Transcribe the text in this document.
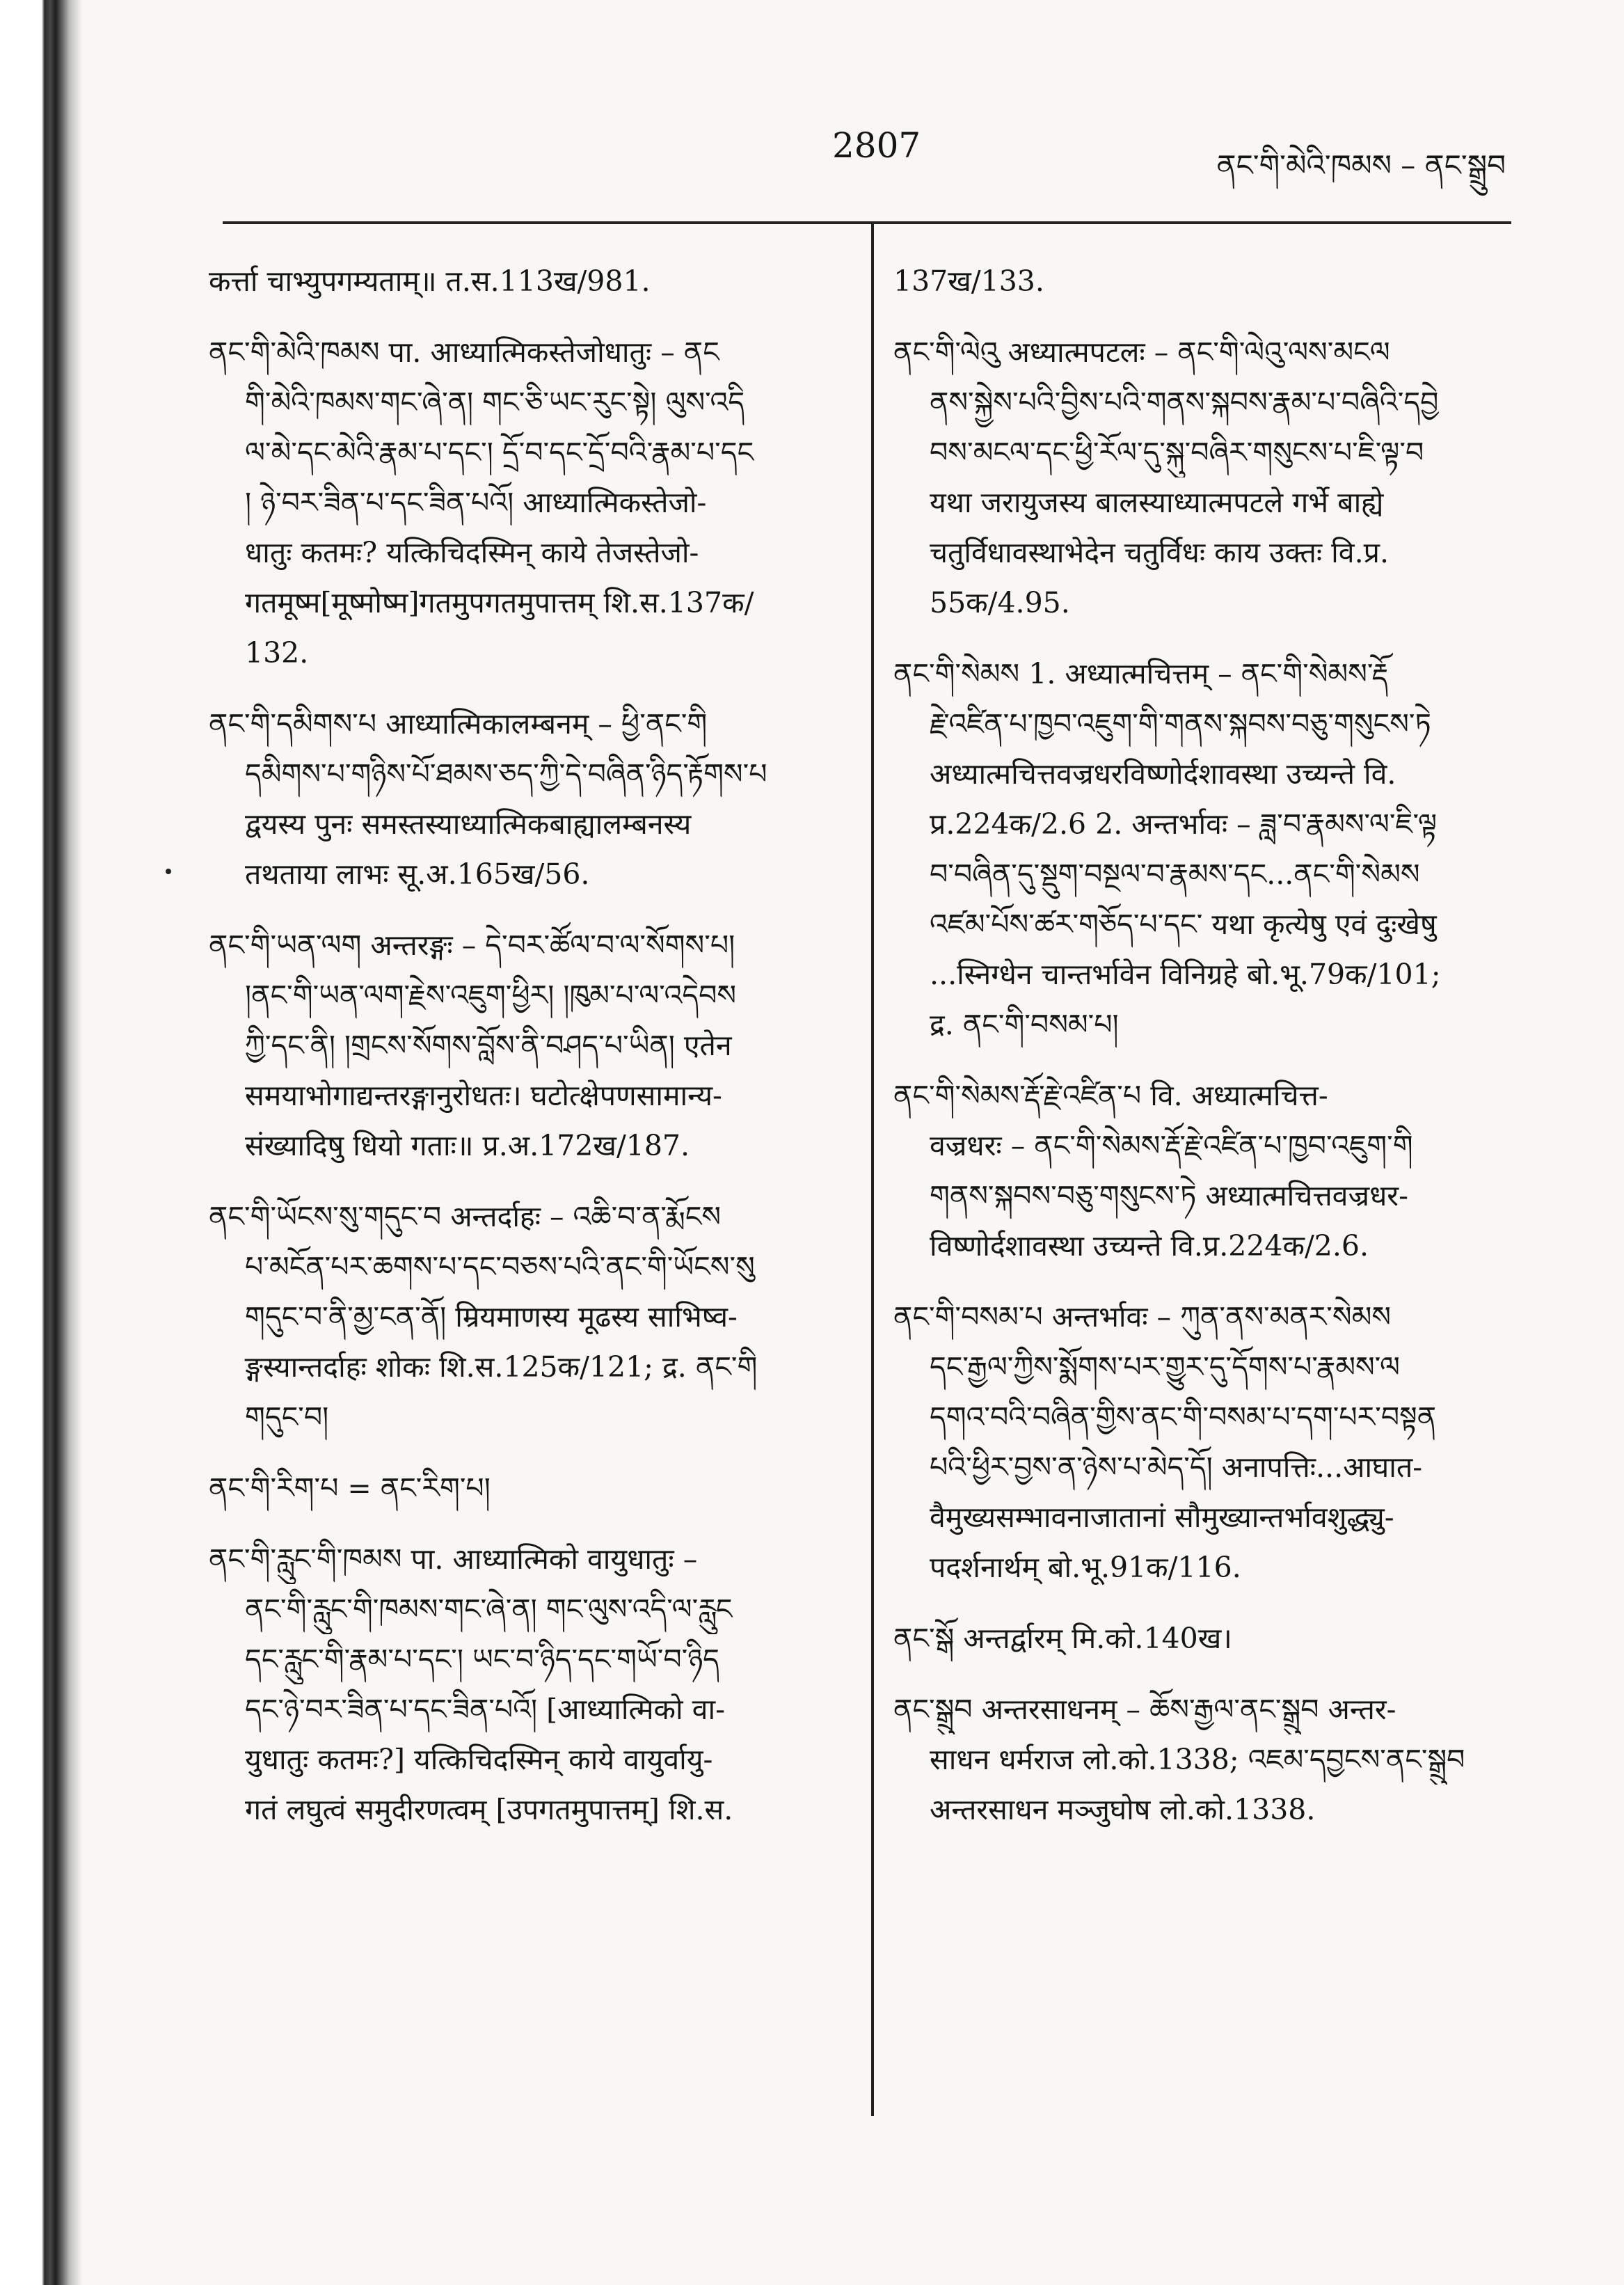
2807	ནང་གི་མེའི་ཁམས – ནང་སྒྲུབ
कर्त्ता चाभ्युपगम्यताम्॥ त.स.113ख/981.
ནང་གི་མེའི་ཁམས पा. आध्यात्मिकस्तेजोधातुः – ནང
གི་མེའི་ཁམས་གང་ཞེ་ན། གང་ཅི་ཡང་རུང་སྟེ། ལུས་འདི
ལ་མེ་དང་མེའི་རྣམ་པ་དང་། དྲོ་བ་དང་དྲོ་བའི་རྣམ་པ་དང
། ཉེ་བར་ཟིན་པ་དང་ཟིན་པའོ། आध्यात्मिकस्तेजो-
धातुः कतमः? यत्किचिदस्मिन् काये तेजस्तेजो-
गतमूष्म[मूष्मोष्म]गतमुपगतमुपात्तम् शि.स.137क/
132.
ནང་གི་དམིགས་པ आध्यात्मिकालम्बनम् – ཕྱི་ནང་གི
དམིགས་པ་གཉིས་པོ་ཐམས་ཅད་ཀྱི་དེ་བཞིན་ཉིད་རྟོགས་པ
द्वयस्य पुनः समस्तस्याध्यात्मिकबाह्यालम्बनस्य
तथताया लाभः सू.अ.165ख/56.
ནང་གི་ཡན་ལག अन्तरङ्गः – དེ་བར་ཚོལ་བ་ལ་སོགས་པ།
།ནང་གི་ཡན་ལག་རྗེས་འཇུག་ཕྱིར། །ཁུམ་པ་ལ་འདེབས
ཀྱི་དང་ནི། །གྲངས་སོགས་བློས་ནི་བཤད་པ་ཡིན། एतेन
समयाभोगाद्यन्तरङ्गानुरोधतः। घटोत्क्षेपणसामान्य-
संख्यादिषु धियो गताः॥ प्र.अ.172ख/187.
ནང་གི་ཡོངས་སུ་གདུང་བ अन्तर्दाहः – འཆི་བ་ན་རྨོངས
པ་མངོན་པར་ཆགས་པ་དང་བཅས་པའི་ནང་གི་ཡོངས་སུ
གདུང་བ་ནི་མྱ་ངན་ནོ། म्रियमाणस्य मूढस्य साभिष्व-
ङ्गस्यान्तर्दाहः शोकः शि.स.125क/121; द्र. ནང་གི
གདུང་བ།
ནང་གི་རིག་པ = ནང་རིག་པ།
ནང་གི་རླུང་གི་ཁམས पा. आध्यात्मिको वायुधातुः –
ནང་གི་རླུང་གི་ཁམས་གང་ཞེ་ན། གང་ལུས་འདི་ལ་རླུང
དང་རླུང་གི་རྣམ་པ་དང་། ཡང་བ་ཉིད་དང་གཡོ་བ་ཉིད
དང་ཉེ་བར་ཟིན་པ་དང་ཟིན་པའོ། [आध्यात्मिको वा-
युधातुः कतमः?] यत्किचिदस्मिन् काये वायुर्वायु-
गतं लघुत्वं समुदीरणत्वम् [उपगतमुपात्तम्] शि.स.
137ख/133.
ནང་གི་ལེའུ अध्यात्मपटलः – ནང་གི་ལེའུ་ལས་མངལ
ནས་སྐྱེས་པའི་བྱིས་པའི་གནས་སྐབས་རྣམ་པ་བཞིའི་དབྱེ
བས་མངལ་དང་ཕྱི་རོལ་དུ་སྐུ་བཞིར་གསུངས་པ་ཇི་ལྟ་བ
यथा जरायुजस्य बालस्याध्यात्मपटले गर्भे बाह्ये
चतुर्विधावस्थाभेदेन चतुर्विधः काय उक्तः वि.प्र.
55क/4.95.
ནང་གི་སེམས 1. अध्यात्मचित्तम् – ནང་གི་སེམས་རྡོ
རྗེ་འཛིན་པ་ཁྱབ་འཇུག་གི་གནས་སྐབས་བཅུ་གསུངས་ཏེ
अध्यात्मचित्तवज्रधरविष्णोर्दशावस्था उच्यन्ते वि.
प्र.224क/2.6 2. अन्तर्भावः – ཟླ་བ་རྣམས་ལ་ཇི་ལྟ
བ་བཞིན་དུ་སྡུག་བསྔལ་བ་རྣམས་དང...ནང་གི་སེམས
འཛམ་པོས་ཚར་གཅོད་པ་དང་ यथा कृत्येषु एवं दुःखेषु
...स्निग्धेन चान्तर्भावेन विनिग्रहे बो.भू.79क/101;
द्र. ནང་གི་བསམ་པ།
ནང་གི་སེམས་རྡོ་རྗེ་འཛིན་པ वि. अध्यात्मचित्त-
वज्रधरः – ནང་གི་སེམས་རྡོ་རྗེ་འཛིན་པ་ཁྱབ་འཇུག་གི
གནས་སྐབས་བཅུ་གསུངས་ཏེ अध्यात्मचित्तवज्रधर-
विष्णोर्दशावस्था उच्यन्ते वि.प्र.224क/2.6.
ནང་གི་བསམ་པ अन्तर्भावः – ཀུན་ནས་མནར་སེམས
དང་རྒྱལ་ཀྱིས་སྨོགས་པར་གྱུར་དུ་དོགས་པ་རྣམས་ལ
དགའ་བའི་བཞིན་གྱིས་ནང་གི་བསམ་པ་དག་པར་བསྟན
པའི་ཕྱིར་བྱས་ན་ཉེས་པ་མེད་དོ། अनापत्तिः...आघात-
वैमुख्यसम्भावनाजातानां सौमुख्यान्तर्भावशुद्ध्यु-
पदर्शनार्थम् बो.भू.91क/116.
ནང་སྒོ अन्तर्द्वारम् मि.को.140ख।
ནང་སྒྲུབ अन्तरसाधनम् – ཆོས་རྒྱལ་ནང་སྒྲུབ अन्तर-
साधन धर्मराज लो.को.1338; འཇམ་དབྱངས་ནང་སྒྲུབ
अन्तरसाधन मञ्जुघोष लो.को.1338.
